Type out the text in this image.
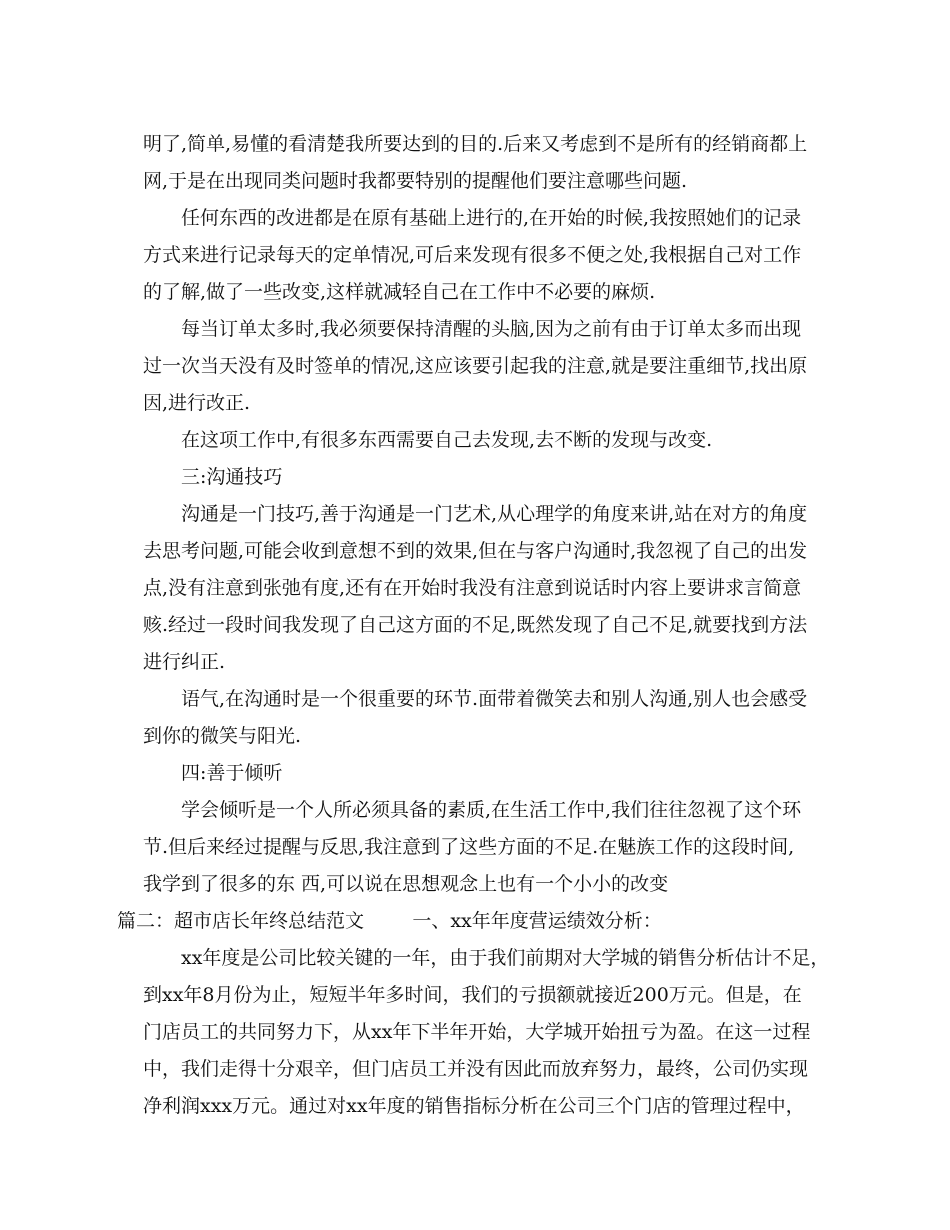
明了,简单,易懂的看清楚我所要达到的目的.后来又考虑到不是所有的经销商都上
网,于是在出现同类问题时我都要特别的提醒他们要注意哪些问题.
任何东西的改进都是在原有基础上进行的,在开始的时候,我按照她们的记录
方式来进行记录每天的定单情况,可后来发现有很多不便之处,我根据自己对工作
的了解,做了一些改变,这样就减轻自己在工作中不必要的麻烦.
每当订单太多时,我必须要保持清醒的头脑,因为之前有由于订单太多而出现
过一次当天没有及时签单的情况,这应该要引起我的注意,就是要注重细节,找出原
因,进行改正.
在这项工作中,有很多东西需要自己去发现,去不断的发现与改变.
三:沟通技巧
沟通是一门技巧,善于沟通是一门艺术,从心理学的角度来讲,站在对方的角度
去思考问题,可能会收到意想不到的效果,但在与客户沟通时,我忽视了自己的出发
点,没有注意到张弛有度,还有在开始时我没有注意到说话时内容上要讲求言简意
赅.经过一段时间我发现了自己这方面的不足,既然发现了自己不足,就要找到方法
进行纠正.
语气,在沟通时是一个很重要的环节.面带着微笑去和别人沟通,别人也会感受
到你的微笑与阳光.
四:善于倾听
学会倾听是一个人所必须具备的素质,在生活工作中,我们往往忽视了这个环
节.但后来经过提醒与反思,我注意到了这些方面的不足.在魅族工作的这段时间,
我学到了很多的东 西,可以说在思想观念上也有一个小小的改变
篇二：超市店长年终总结范文        一、xx年年度营运绩效分析：
xx年度是公司比较关键的一年，由于我们前期对大学城的销售分析估计不足，
到xx年8月份为止，短短半年多时间，我们的亏损额就接近200万元。但是，在
门店员工的共同努力下，从xx年下半年开始，大学城开始扭亏为盈。在这一过程
中，我们走得十分艰辛，但门店员工并没有因此而放弃努力，最终，公司仍实现
净利润xxx万元。通过对xx年度的销售指标分析在公司三个门店的管理过程中，
